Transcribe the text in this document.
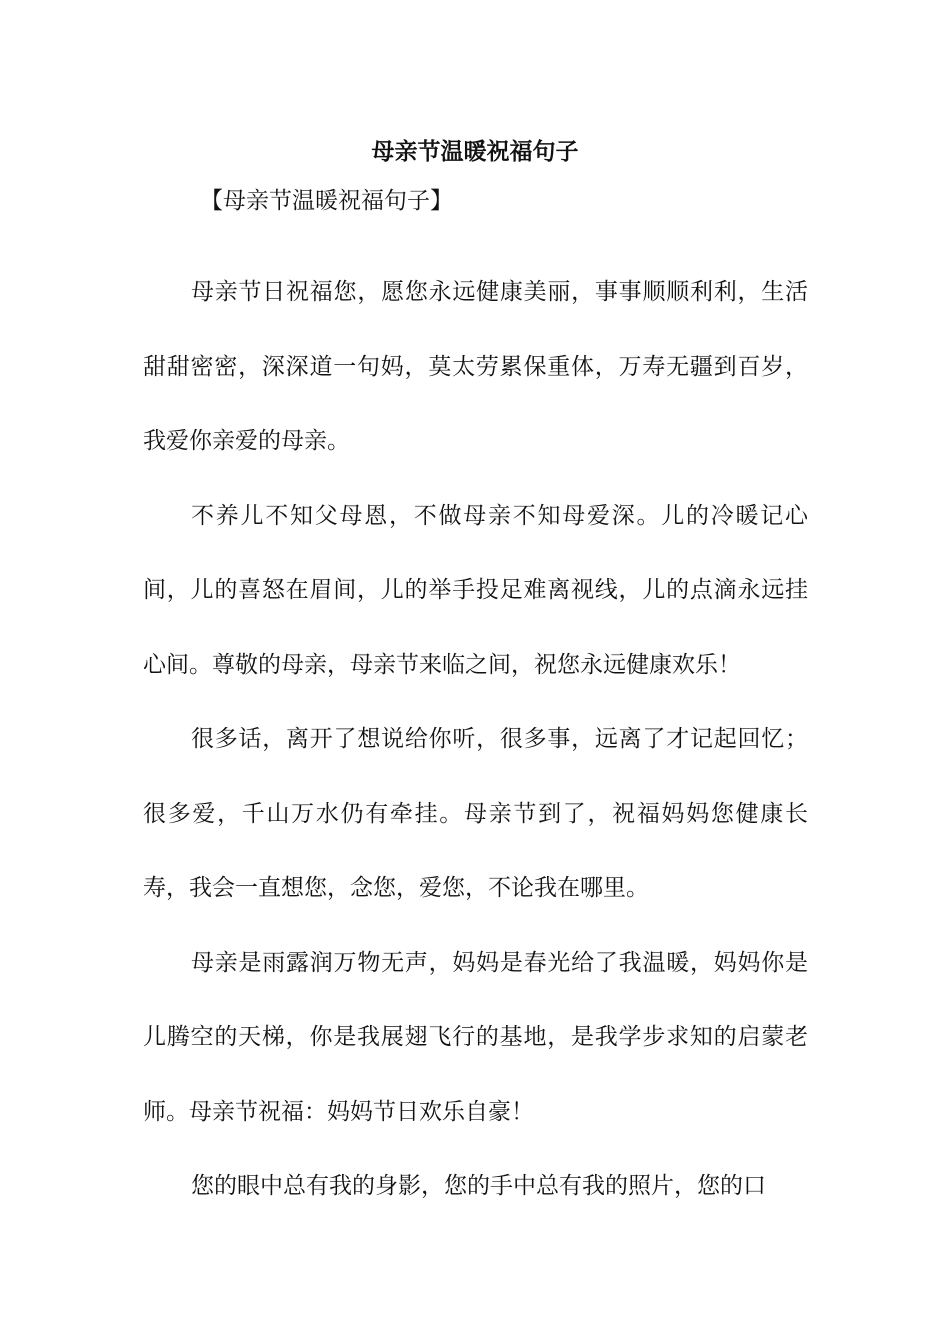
母亲节温暖祝福句子

【母亲节温暖祝福句子】

母亲节日祝福您，愿您永远健康美丽，事事顺顺利利，生活甜甜密密，深深道一句妈，莫太劳累保重体，万寿无疆到百岁，我爱你亲爱的母亲。

不养儿不知父母恩，不做母亲不知母爱深。儿的冷暖记心间，儿的喜怒在眉间，儿的举手投足难离视线，儿的点滴永远挂心间。尊敬的母亲，母亲节来临之间，祝您永远健康欢乐！

很多话，离开了想说给你听，很多事，远离了才记起回忆；很多爱，千山万水仍有牵挂。母亲节到了，祝福妈妈您健康长寿，我会一直想您，念您，爱您，不论我在哪里。

母亲是雨露润万物无声，妈妈是春光给了我温暖，妈妈你是儿腾空的天梯，你是我展翅飞行的基地，是我学步求知的启蒙老师。母亲节祝福：妈妈节日欢乐自豪！

您的眼中总有我的身影，您的手中总有我的照片，您的口
